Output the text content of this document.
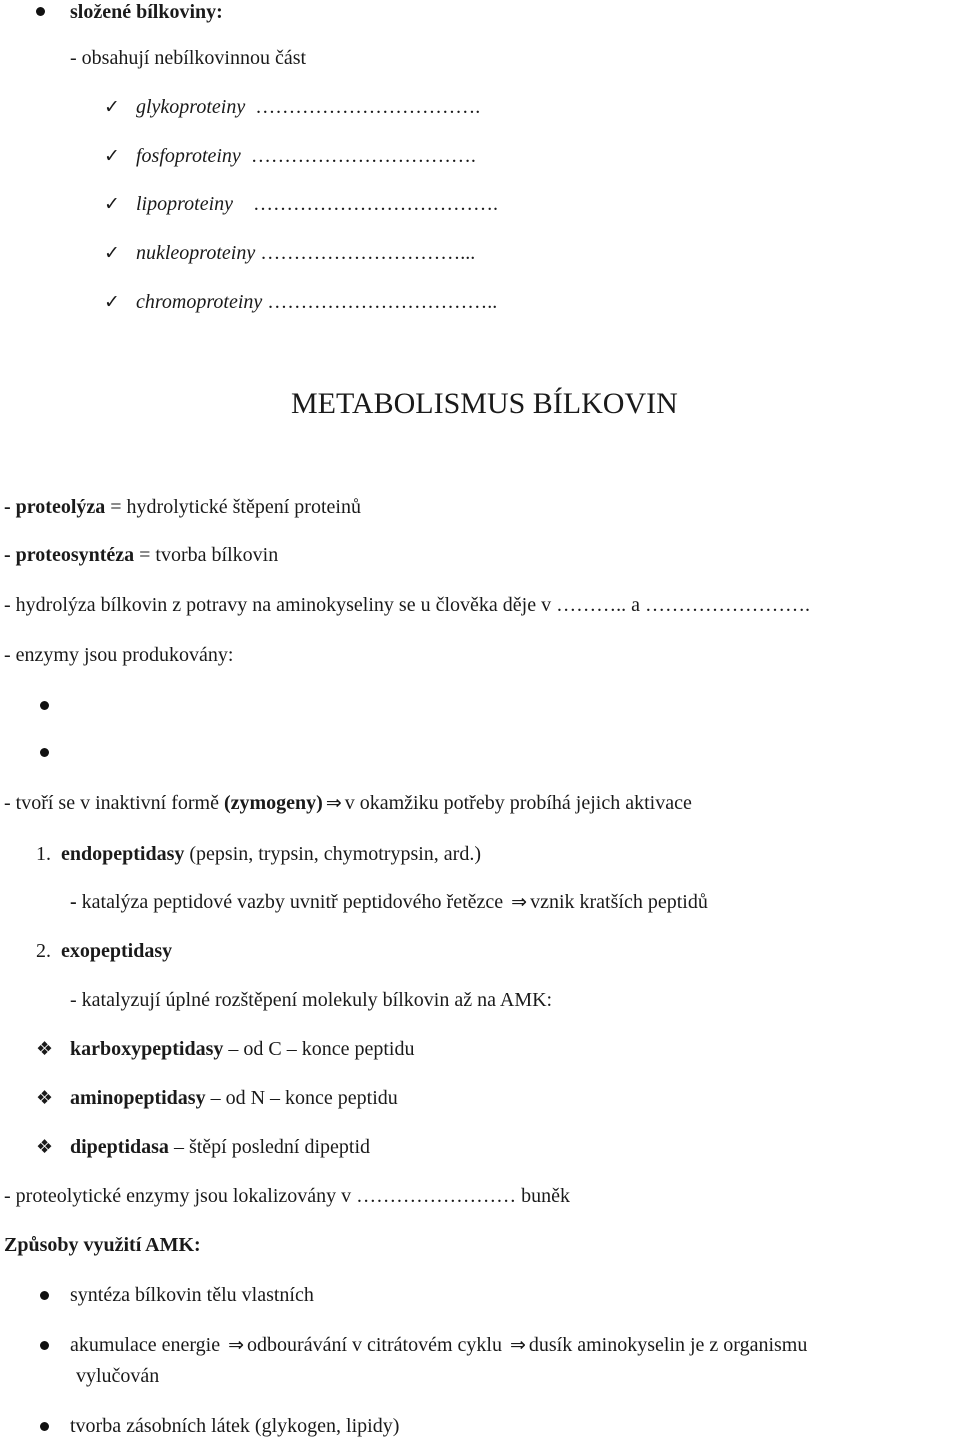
složené bílkoviny:
- obsahují nebílkovinnou část
✓ glykoproteiny …………………………….
✓ fosfoproteiny …………………………….
✓ lipoproteiny ……………………………….
✓ nukleoproteiny …………………………...
✓ chromoproteiny ……………………………..
METABOLISMUS BÍLKOVIN
- proteolýza = hydrolytické štěpení proteinů
- proteosyntéza = tvorba bílkovin
- hydrolýza bílkovin z potravy na aminokyseliny se u člověka děje v ……….. a …………………….
- enzymy jsou produkovány:
- tvoří se v inaktivní formě (zymogeny) ⇒ v okamžiku potřeby probíhá jejich aktivace
1. endopeptidasy (pepsin, trypsin, chymotrypsin, ard.)
- katalýza peptidové vazby uvnitř peptidového řetězce ⇒ vznik kratších peptidů
2. exopeptidasy
- katalyzují úplné rozštěpení molekuly bílkovin až na AMK:
❖ karboxypeptidasy – od C – konce peptidu
❖ aminopeptidasy – od N – konce peptidu
❖ dipeptidasa – štěpí poslední dipeptid
- proteolytické enzymy jsou lokalizovány v …………………… buněk
Způsoby využití AMK:
syntéza bílkovin tělu vlastních
akumulace energie ⇒ odbourávání v citrátovém cyklu ⇒ dusík aminokyselin je z organismu
vylučován
tvorba zásobních látek (glykogen, lipidy)
